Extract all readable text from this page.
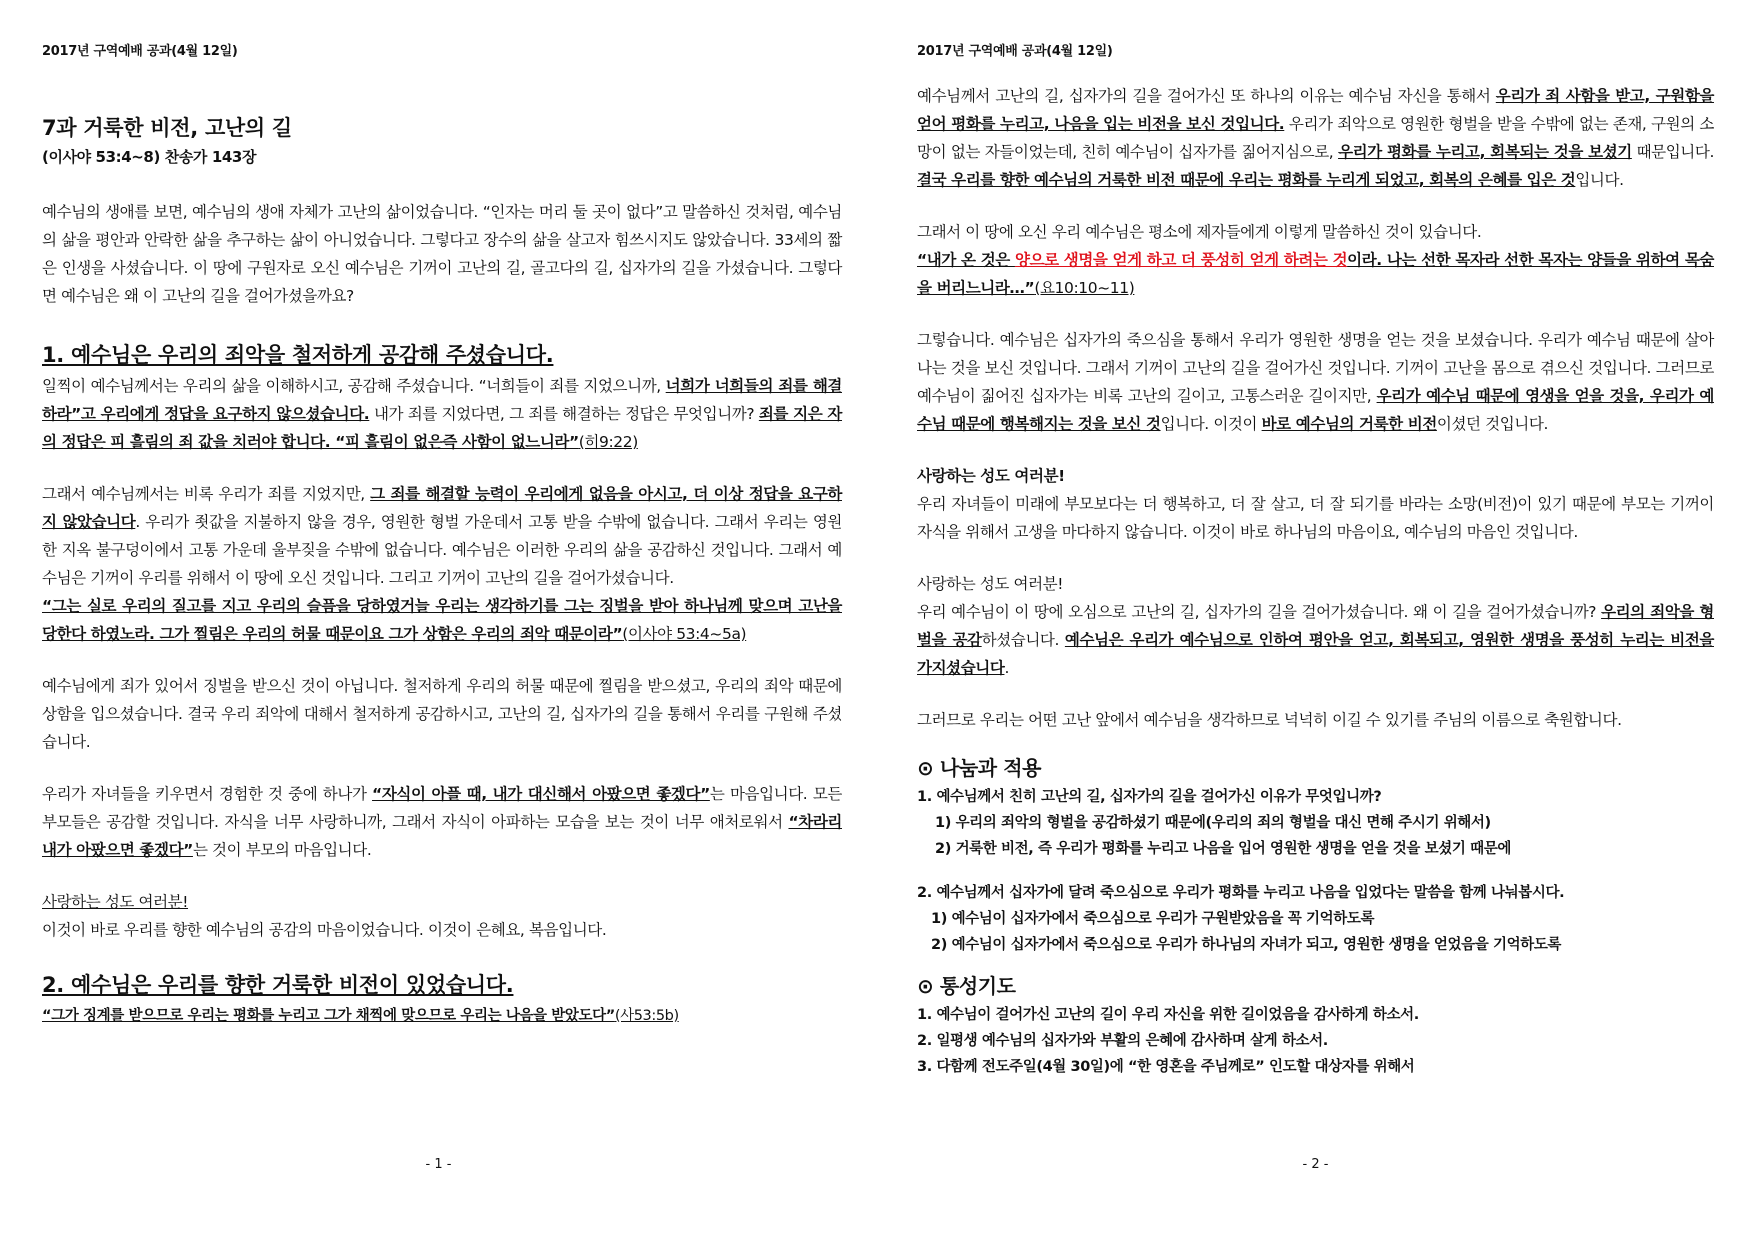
2017년 구역예배 공과(4월 12일)
7과 거룩한 비전, 고난의 길
(이사야 53:4~8) 찬송가 143장

예수님의 생애를 보면, 예수님의 생애 자체가 고난의 삶이었습니다. “인자는 머리 둘 곳이 없다”고 말씀하신 것처럼, 예수님의 삶을 평안과 안락한 삶을 추구하는 삶이 아니었습니다. 그렇다고 장수의 삶을 살고자 힘쓰시지도 않았습니다. 33세의 짧은 인생을 사셨습니다. 이 땅에 구원자로 오신 예수님은 기꺼이 고난의 길, 골고다의 길, 십자가의 길을 가셨습니다. 그렇다면 예수님은 왜 이 고난의 길을 걸어가셨을까요?

1. 예수님은 우리의 죄악을 철저하게 공감해 주셨습니다.

일찍이 예수님께서는 우리의 삶을 이해하시고, 공감해 주셨습니다. “너희들이 죄를 지었으니까, 너희가 너희들의 죄를 해결하라”고 우리에게 정답을 요구하지 않으셨습니다. 내가 죄를 지었다면, 그 죄를 해결하는 정답은 무엇입니까? 죄를 지은 자의 정답은 피 흘림의 죄 값을 치러야 합니다. “피 흘림이 없은즉 사함이 없느니라”(히9:22)

그래서 예수님께서는 비록 우리가 죄를 지었지만, 그 죄를 해결할 능력이 우리에게 없음을 아시고, 더 이상 정답을 요구하지 않았습니다. 우리가 죗값을 지불하지 않을 경우, 영원한 형벌 가운데서 고통 받을 수밖에 없습니다. 그래서 우리는 영원한 지옥 불구덩이에서 고통 가운데 울부짖을 수밖에 없습니다. 예수님은 이러한 우리의 삶을 공감하신 것입니다. 그래서 예수님은 기꺼이 우리를 위해서 이 땅에 오신 것입니다. 그리고 기꺼이 고난의 길을 걸어가셨습니다.

“그는 실로 우리의 질고를 지고 우리의 슬픔을 당하였거늘 우리는 생각하기를 그는 징벌을 받아 하나님께 맞으며 고난을 당한다 하였노라. 그가 찔림은 우리의 허물 때문이요 그가 상함은 우리의 죄악 때문이라”(이사야 53:4~5a)

예수님에게 죄가 있어서 징벌을 받으신 것이 아닙니다. 철저하게 우리의 허물 때문에 찔림을 받으셨고, 우리의 죄악 때문에 상함을 입으셨습니다. 결국 우리 죄악에 대해서 철저하게 공감하시고, 고난의 길, 십자가의 길을 통해서 우리를 구원해 주셨습니다.

우리가 자녀들을 키우면서 경험한 것 중에 하나가 “자식이 아플 때, 내가 대신해서 아팠으면 좋겠다”는 마음입니다. 모든 부모들은 공감할 것입니다. 자식을 너무 사랑하니까, 그래서 자식이 아파하는 모습을 보는 것이 너무 애처로워서 “차라리 내가 아팠으면 좋겠다”는 것이 부모의 마음입니다.

사랑하는 성도 여러분!

이것이 바로 우리를 향한 예수님의 공감의 마음이었습니다. 이것이 은혜요, 복음입니다.

2. 예수님은 우리를 향한 거룩한 비전이 있었습니다.

“그가 징계를 받으므로 우리는 평화를 누리고 그가 채찍에 맞으므로 우리는 나음을 받았도다”(사53:5b)

- 1 -
2017년 구역예배 공과(4월 12일)

예수님께서 고난의 길, 십자가의 길을 걸어가신 또 하나의 이유는 예수님 자신을 통해서 우리가 죄 사함을 받고, 구원함을 얻어 평화를 누리고, 나음을 입는 비전을 보신 것입니다. 우리가 죄악으로 영원한 형벌을 받을 수밖에 없는 존재, 구원의 소망이 없는 자들이었는데, 친히 예수님이 십자가를 짊어지심으로, 우리가 평화를 누리고, 회복되는 것을 보셨기 때문입니다. 결국 우리를 향한 예수님의 거룩한 비전 때문에 우리는 평화를 누리게 되었고, 회복의 은혜를 입은 것입니다.

그래서 이 땅에 오신 우리 예수님은 평소에 제자들에게 이렇게 말씀하신 것이 있습니다.

“내가 온 것은 양으로 생명을 얻게 하고 더 풍성히 얻게 하려는 것이라. 나는 선한 목자라 선한 목자는 양들을 위하여 목숨을 버리느니라…”(요10:10~11)

그렇습니다. 예수님은 십자가의 죽으심을 통해서 우리가 영원한 생명을 얻는 것을 보셨습니다. 우리가 예수님 때문에 살아나는 것을 보신 것입니다. 그래서 기꺼이 고난의 길을 걸어가신 것입니다. 기꺼이 고난을 몸으로 겪으신 것입니다. 그러므로 예수님이 짊어진 십자가는 비록 고난의 길이고, 고통스러운 길이지만, 우리가 예수님 때문에 영생을 얻을 것을, 우리가 예수님 때문에 행복해지는 것을 보신 것입니다. 이것이 바로 예수님의 거룩한 비전이셨던 것입니다.

사랑하는 성도 여러분!

우리 자녀들이 미래에 부모보다는 더 행복하고, 더 잘 살고, 더 잘 되기를 바라는 소망(비전)이 있기 때문에 부모는 기꺼이 자식을 위해서 고생을 마다하지 않습니다. 이것이 바로 하나님의 마음이요, 예수님의 마음인 것입니다.

사랑하는 성도 여러분!

우리 예수님이 이 땅에 오심으로 고난의 길, 십자가의 길을 걸어가셨습니다. 왜 이 길을 걸어가셨습니까? 우리의 죄악을 형벌을 공감하셨습니다. 예수님은 우리가 예수님으로 인하여 평안을 얻고, 회복되고, 영원한 생명을 풍성히 누리는 비전을 가지셨습니다.

그러므로 우리는 어떤 고난 앞에서 예수님을 생각하므로 넉넉히 이길 수 있기를 주님의 이름으로 축원합니다.

⊙ 나눔과 적용
1. 예수님께서 친히 고난의 길, 십자가의 길을 걸어가신 이유가 무엇입니까?
1) 우리의 죄악의 형벌을 공감하셨기 때문에(우리의 죄의 형벌을 대신 면해 주시기 위해서)
2) 거룩한 비전, 즉 우리가 평화를 누리고 나음을 입어 영원한 생명을 얻을 것을 보셨기 때문에
2. 예수님께서 십자가에 달려 죽으심으로 우리가 평화를 누리고 나음을 입었다는 말씀을 함께 나눠봅시다.
1) 예수님이 십자가에서 죽으심으로 우리가 구원받았음을 꼭 기억하도록
2) 예수님이 십자가에서 죽으심으로 우리가 하나님의 자녀가 되고, 영원한 생명을 얻었음을 기억하도록
⊙ 통성기도
1. 예수님이 걸어가신 고난의 길이 우리 자신을 위한 길이었음을 감사하게 하소서.
2. 일평생 예수님의 십자가와 부활의 은혜에 감사하며 살게 하소서.
3. 다함께 전도주일(4월 30일)에 “한 영혼을 주님께로” 인도할 대상자를 위해서
- 2 -
